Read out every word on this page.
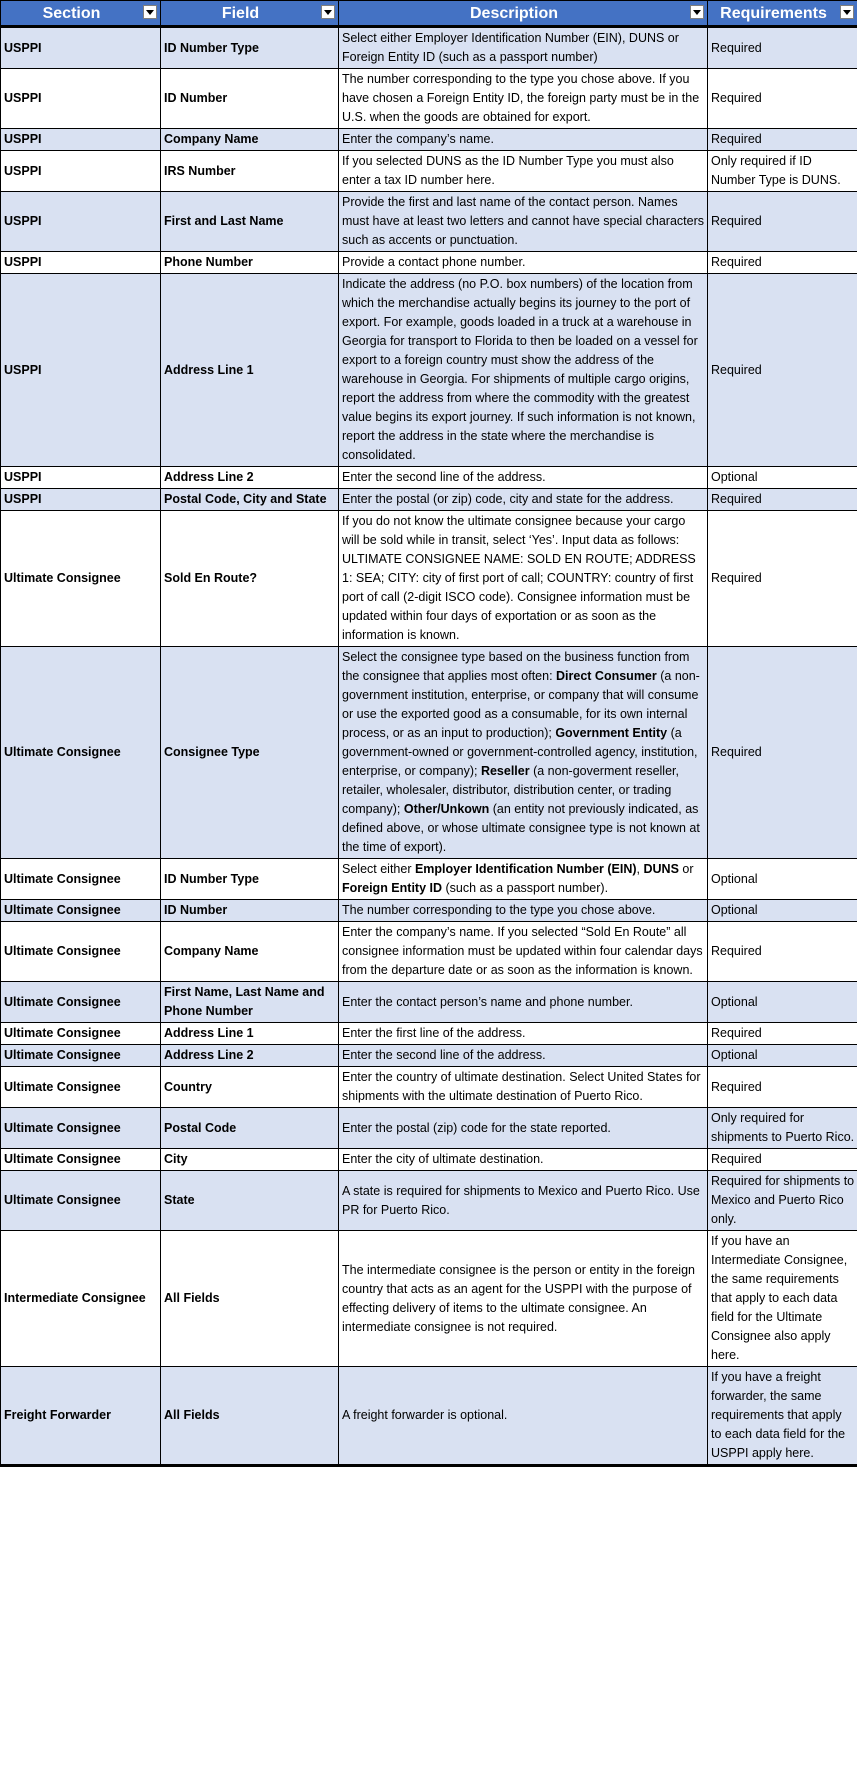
Section	Field	Description	Requirements

USPPI	ID Number Type	Select either Employer Identification Number (EIN), DUNS or Foreign Entity ID (such as a passport number)	Required
USPPI	ID Number	The number corresponding to the type you chose above. If you have chosen a Foreign Entity ID, the foreign party must be in the U.S. when the goods are obtained for export.	Required
USPPI	Company Name	Enter the company’s name.	Required
USPPI	IRS Number	If you selected DUNS as the ID Number Type you must also enter a tax ID number here.	Only required if ID Number Type is DUNS.
USPPI	First and Last Name	Provide the first and last name of the contact person. Names must have at least two letters and cannot have special characters such as accents or punctuation.	Required
USPPI	Phone Number	Provide a contact phone number.	Required
USPPI	Address Line 1	Indicate the address (no P.O. box numbers) of the location from which the merchandise actually begins its journey to the port of export. For example, goods loaded in a truck at a warehouse in Georgia for transport to Florida to then be loaded on a vessel for export to a foreign country must show the address of the warehouse in Georgia. For shipments of multiple cargo origins, report the address from where the commodity with the greatest value begins its export journey. If such information is not known, report the address in the state where the merchandise is consolidated.	Required
USPPI	Address Line 2	Enter the second line of the address.	Optional
USPPI	Postal Code, City and State	Enter the postal (or zip) code, city and state for the address.	Required
Ultimate Consignee	Sold En Route?	If you do not know the ultimate consignee because your cargo will be sold while in transit, select ‘Yes’. Input data as follows: ULTIMATE CONSIGNEE NAME: SOLD EN ROUTE; ADDRESS 1: SEA; CITY: city of first port of call; COUNTRY: country of first port of call (2-digit ISCO code). Consignee information must be updated within four days of exportation or as soon as the information is known.	Required
Ultimate Consignee	Consignee Type	Select the consignee type based on the business function from the consignee that applies most often: Direct Consumer (a non-government institution, enterprise, or company that will consume or use the exported good as a consumable, for its own internal process, or as an input to production); Government Entity (a government-owned or government-controlled agency, institution, enterprise, or company); Reseller (a non-goverment reseller, retailer, wholesaler, distributor, distribution center, or trading company); Other/Unkown (an entity not previously indicated, as defined above, or whose ultimate consignee type is not known at the time of export).	Required
Ultimate Consignee	ID Number Type	Select either Employer Identification Number (EIN), DUNS or Foreign Entity ID (such as a passport number).	Optional
Ultimate Consignee	ID Number	The number corresponding to the type you chose above.	Optional
Ultimate Consignee	Company Name	Enter the company’s name. If you selected “Sold En Route” all consignee information must be updated within four calendar days from the departure date or as soon as the information is known.	Required
Ultimate Consignee	First Name, Last Name and Phone Number	Enter the contact person’s name and phone number.	Optional
Ultimate Consignee	Address Line 1	Enter the first line of the address.	Required
Ultimate Consignee	Address Line 2	Enter the second line of the address.	Optional
Ultimate Consignee	Country	Enter the country of ultimate destination. Select United States for shipments with the ultimate destination of Puerto Rico.	Required
Ultimate Consignee	Postal Code	Enter the postal (zip) code for the state reported.	Only required for shipments to Puerto Rico.
Ultimate Consignee	City	Enter the city of ultimate destination.	Required
Ultimate Consignee	State	A state is required for shipments to Mexico and Puerto Rico. Use PR for Puerto Rico.	Required for shipments to Mexico and Puerto Rico only.
Intermediate Consignee	All Fields	The intermediate consignee is the person or entity in the foreign country that acts as an agent for the USPPI with the purpose of effecting delivery of items to the ultimate consignee. An intermediate consignee is not required.	If you have an Intermediate Consignee, the same requirements that apply to each data field for the Ultimate Consignee also apply here.
Freight Forwarder	All Fields	A freight forwarder is optional.	If you have a freight forwarder, the same requirements that apply to each data field for the USPPI apply here.
